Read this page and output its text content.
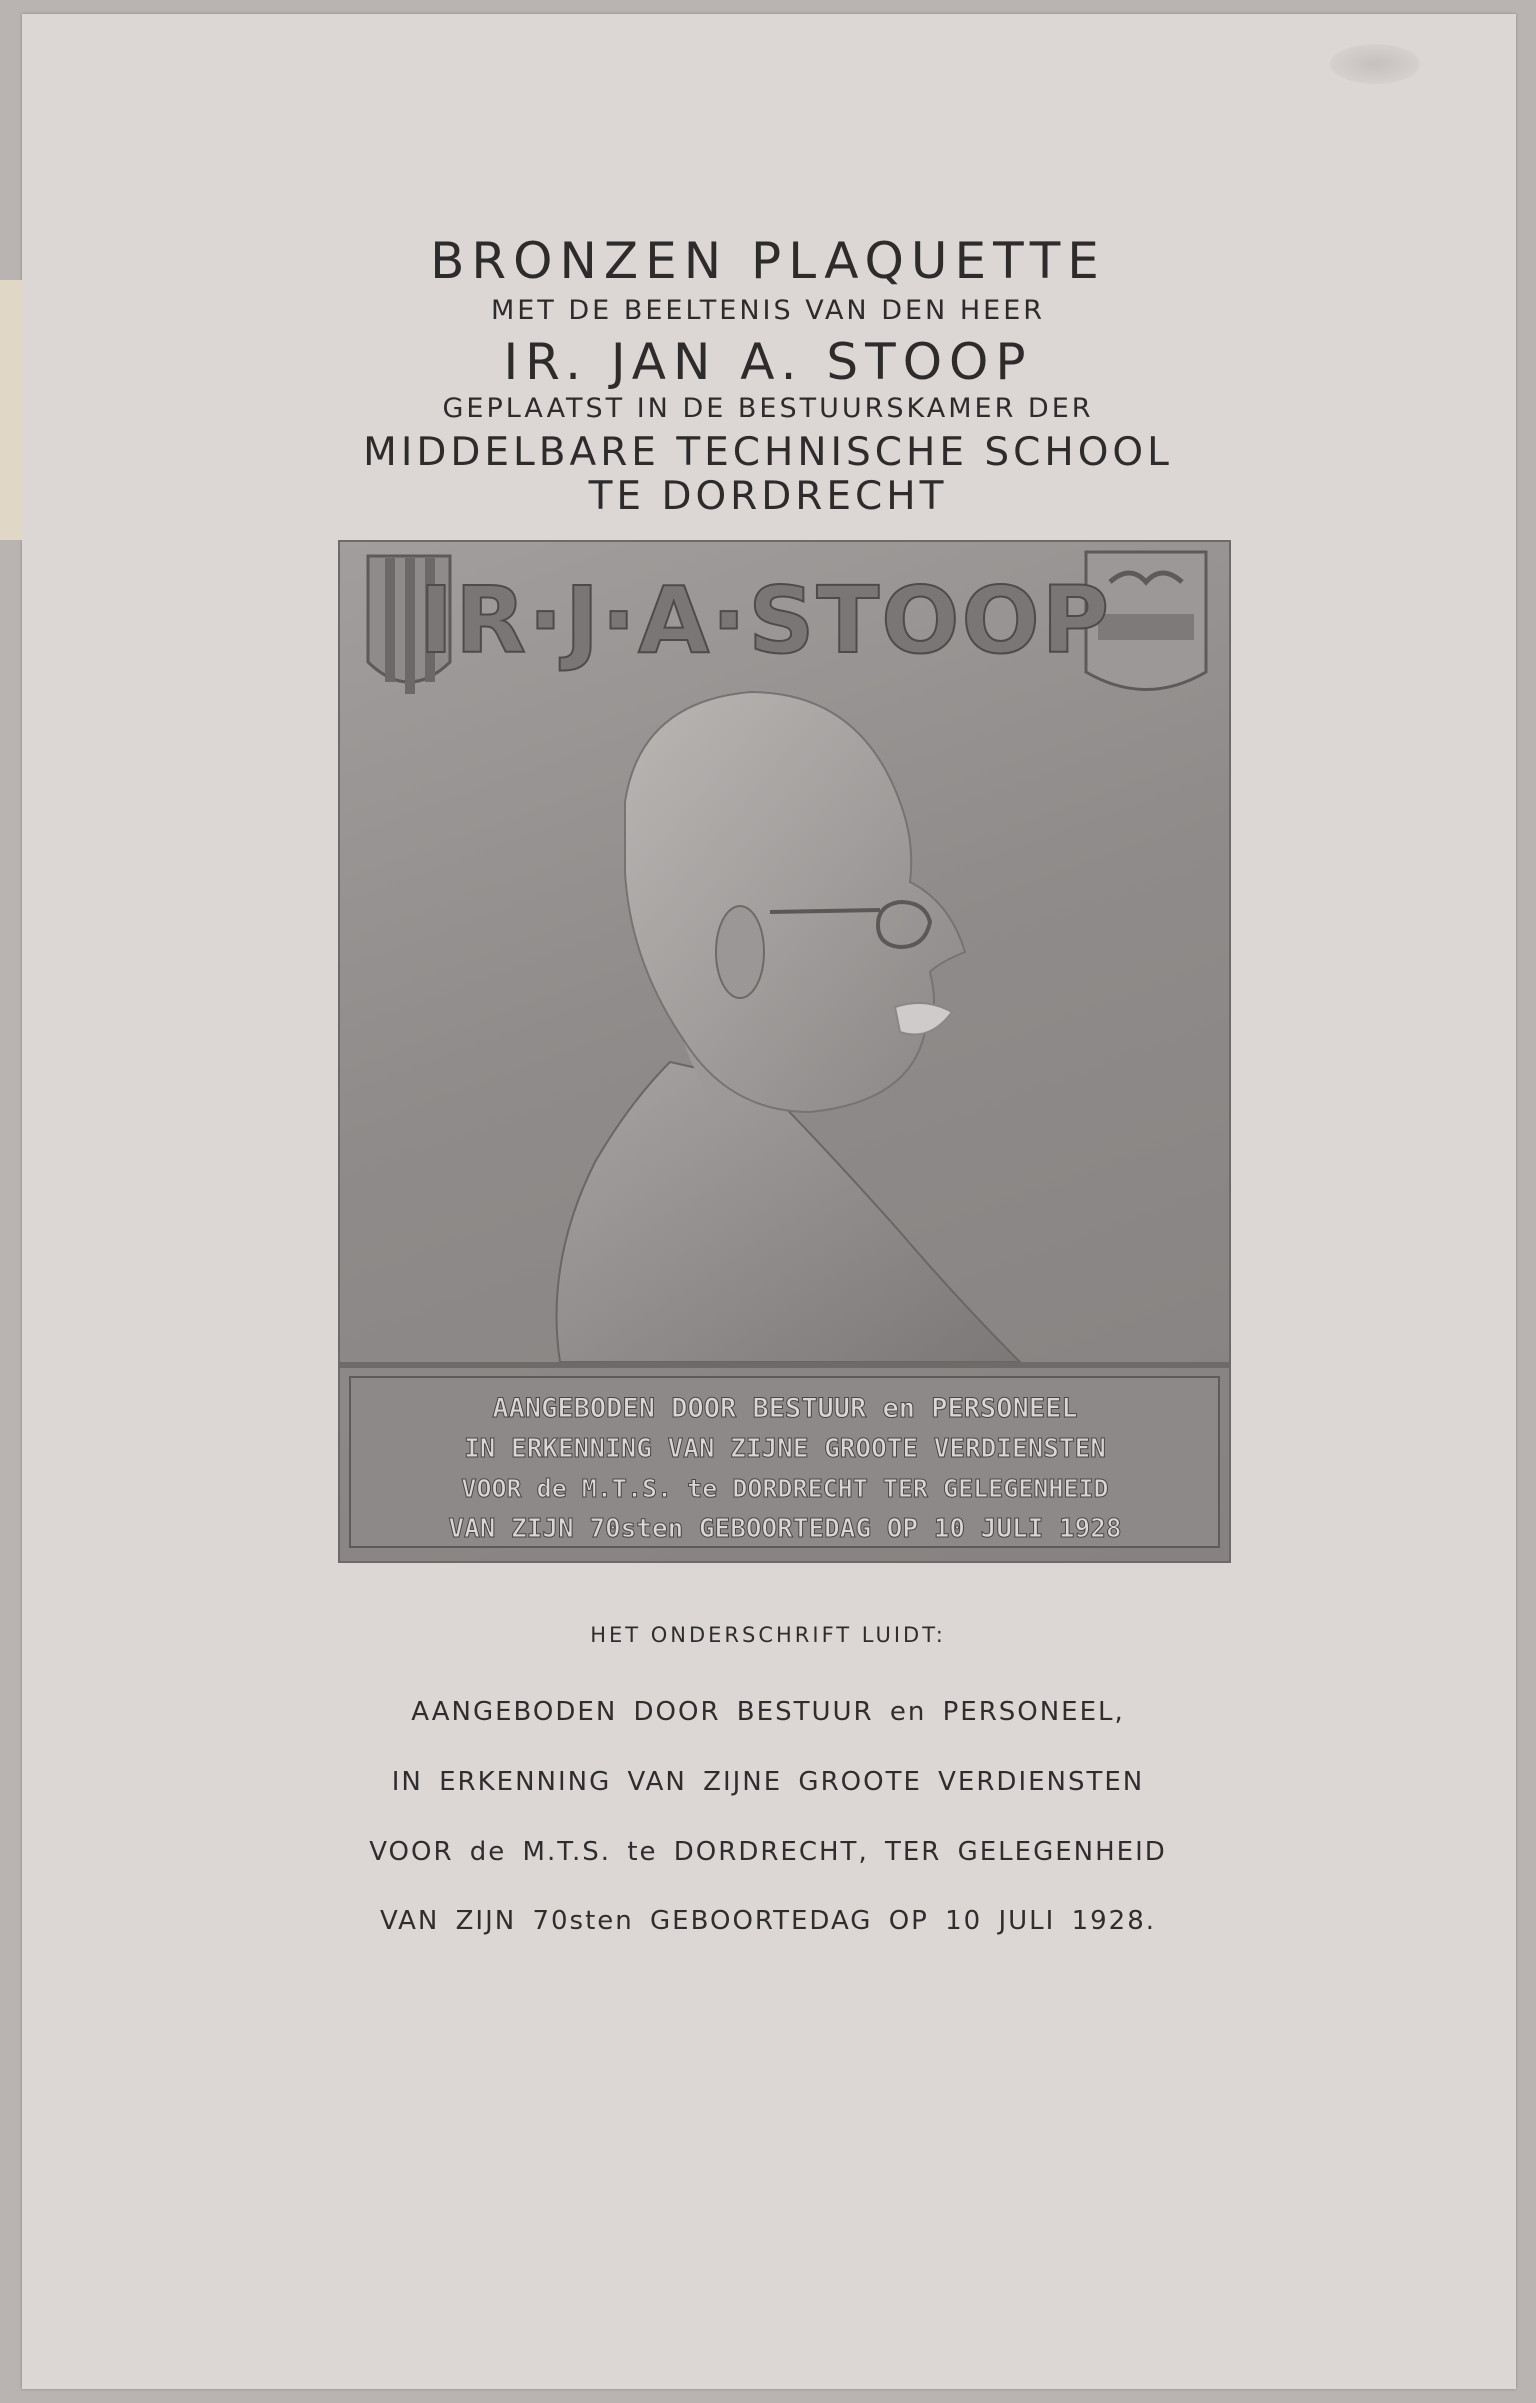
BRONZEN PLAQUETTE
MET DE BEELTENIS VAN DEN HEER
IR. JAN A. STOOP
GEPLAATST IN DE BESTUURSKAMER DER
MIDDELBARE TECHNISCHE SCHOOL
TE DORDRECHT
IR·J·A·STOOP
AANGEBODEN DOOR BESTUUR en PERSONEEL
IN ERKENNING VAN ZIJNE GROOTE VERDIENSTEN
VOOR de M.T.S. te DORDRECHT TER GELEGENHEID
VAN ZIJN 70sten GEBOORTEDAG OP 10 JULI 1928
HET ONDERSCHRIFT LUIDT:
AANGEBODEN DOOR BESTUUR en PERSONEEL,
IN ERKENNING VAN ZIJNE GROOTE VERDIENSTEN
VOOR de M.T.S. te DORDRECHT, TER GELEGENHEID
VAN ZIJN 70sten GEBOORTEDAG OP 10 JULI 1928.
